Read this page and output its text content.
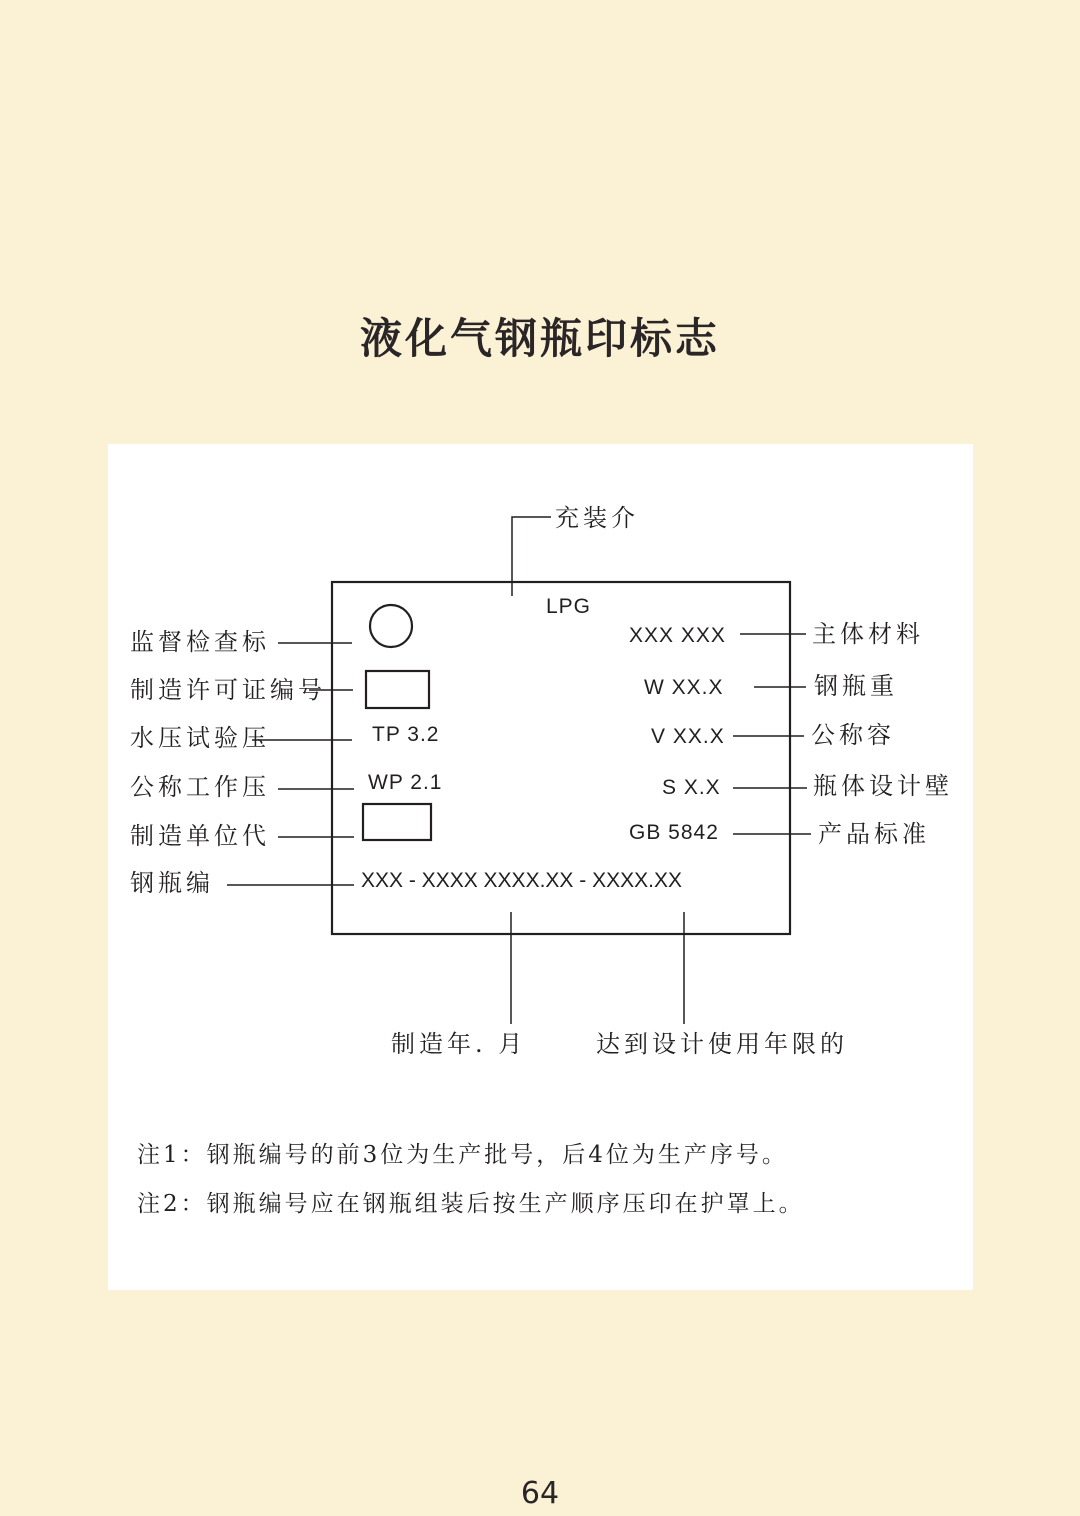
液化气钢瓶印标志
LPG
XXX XXX
W XX.X
TP 3.2	V XX.X
WP 2.1	S X.X
GB 5842
XXX - XXXX XXXX.XX - XXXX.XX
充装介
监督检查标
制造许可证编号
水压试验压
公称工作压
制造单位代
钢瓶编
主体材料
钢瓶重
公称容
瓶体设计壁
产品标准
制造年. 月	达到设计使用年限的
注1：钢瓶编号的前3位为生产批号，后4位为生产序号。
注2：钢瓶编号应在钢瓶组装后按生产顺序压印在护罩上。
64
